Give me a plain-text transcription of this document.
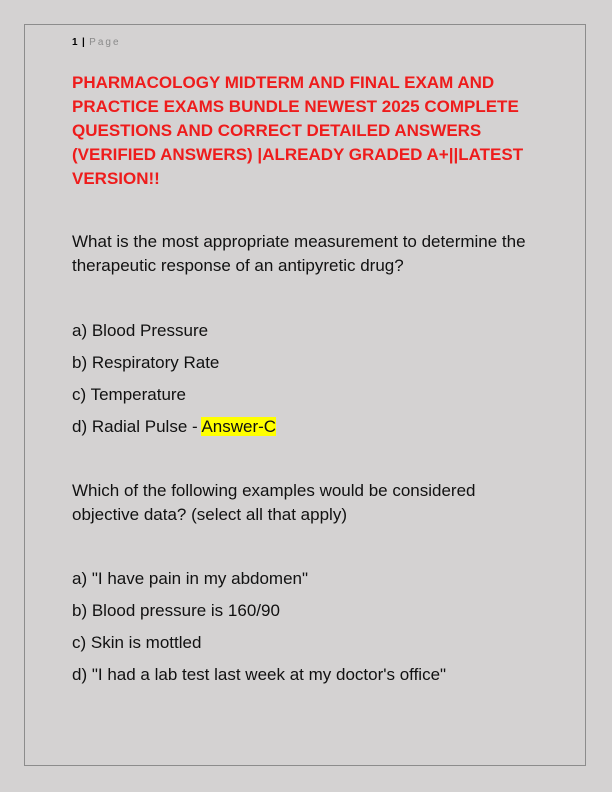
1 | Page
PHARMACOLOGY MIDTERM AND FINAL EXAM AND PRACTICE EXAMS BUNDLE NEWEST 2025 COMPLETE QUESTIONS AND CORRECT DETAILED ANSWERS (VERIFIED ANSWERS) |ALREADY GRADED A+||LATEST VERSION!!

What is the most appropriate measurement to determine the therapeutic response of an antipyretic drug?

a) Blood Pressure
b) Respiratory Rate
c) Temperature
d) Radial Pulse - Answer-C

Which of the following examples would be considered objective data? (select all that apply)

a) "I have pain in my abdomen"
b) Blood pressure is 160/90
c) Skin is mottled
d) "I had a lab test last week at my doctor's office"
